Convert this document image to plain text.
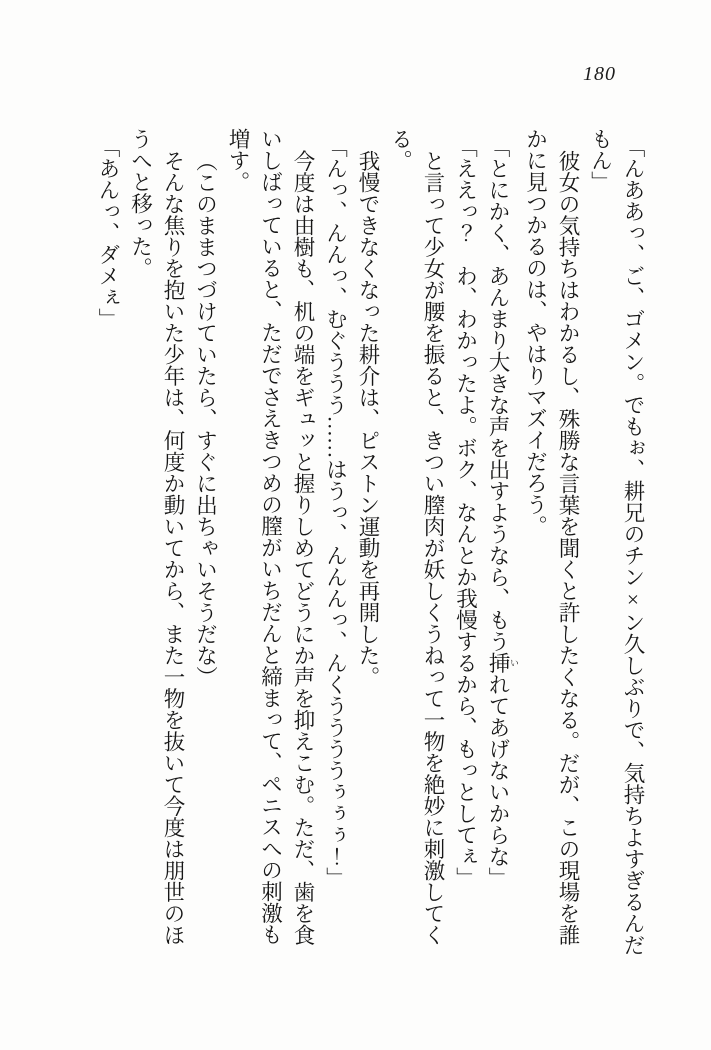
180
「んああっ、ご、ゴメン。でもぉ、耕兄のチン×ン久しぶりで、気持ちよすぎるんだ
もん」
彼女の気持ちはわかるし、殊勝な言葉を聞くと許したくなる。だが、この現場を誰
かに見つかるのは、やはりマズイだろう。
「とにかく、あんまり大きな声を出すようなら、もう挿 いれてあげないからな」
「ええっ？　わ、わかったよ。ボク、なんとか我慢するから、もっとしてぇ」
と言って少女が腰を振ると、きつい膣肉が妖しくうねって一物を絶妙に刺激してく
る。
我慢できなくなった耕介は、ピストン運動を再開した。
「んっ、んんっ、むぐううう……はうっ、んんんっ、んくううううぅぅぅ！」
今度は由樹も、机の端をギュッと握りしめてどうにか声を抑えこむ。ただ、歯を食
いしばっていると、ただでさえきつめの膣がいちだんと締まって、ペニスへの刺激も
増す。
（このままつづけていたら、すぐに出ちゃいそうだな）
そんな焦りを抱いた少年は、何度か動いてから、また一物を抜いて今度は朋世のほ
うへと移った。
「あんっ、ダメぇ」
